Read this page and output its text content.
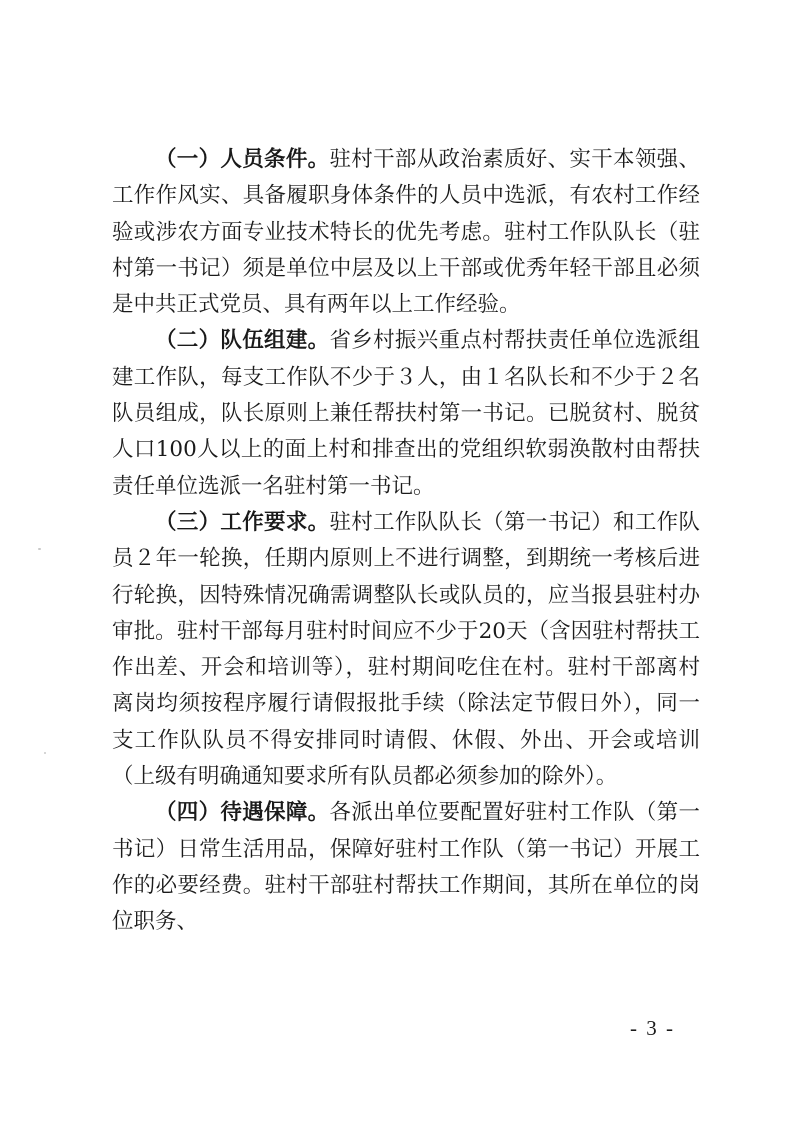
（一）人员条件。驻村干部从政治素质好、实干本领强、工作作风实、具备履职身体条件的人员中选派，有农村工作经验或涉农方面专业技术特长的优先考虑。驻村工作队队长（驻村第一书记）须是单位中层及以上干部或优秀年轻干部且必须是中共正式党员、具有两年以上工作经验。

（二）队伍组建。省乡村振兴重点村帮扶责任单位选派组建工作队，每支工作队不少于３人，由１名队长和不少于２名队员组成，队长原则上兼任帮扶村第一书记。已脱贫村、脱贫人口100人以上的面上村和排查出的党组织软弱涣散村由帮扶责任单位选派一名驻村第一书记。

（三）工作要求。驻村工作队队长（第一书记）和工作队员２年一轮换，任期内原则上不进行调整，到期统一考核后进行轮换，因特殊情况确需调整队长或队员的，应当报县驻村办审批。驻村干部每月驻村时间应不少于20天（含因驻村帮扶工作出差、开会和培训等），驻村期间吃住在村。驻村干部离村离岗均须按程序履行请假报批手续（除法定节假日外），同一支工作队队员不得安排同时请假、休假、外出、开会或培训（上级有明确通知要求所有队员都必须参加的除外）。

（四）待遇保障。各派出单位要配置好驻村工作队（第一书记）日常生活用品，保障好驻村工作队（第一书记）开展工作的必要经费。驻村干部驻村帮扶工作期间，其所在单位的岗位职务、

- 3 -
